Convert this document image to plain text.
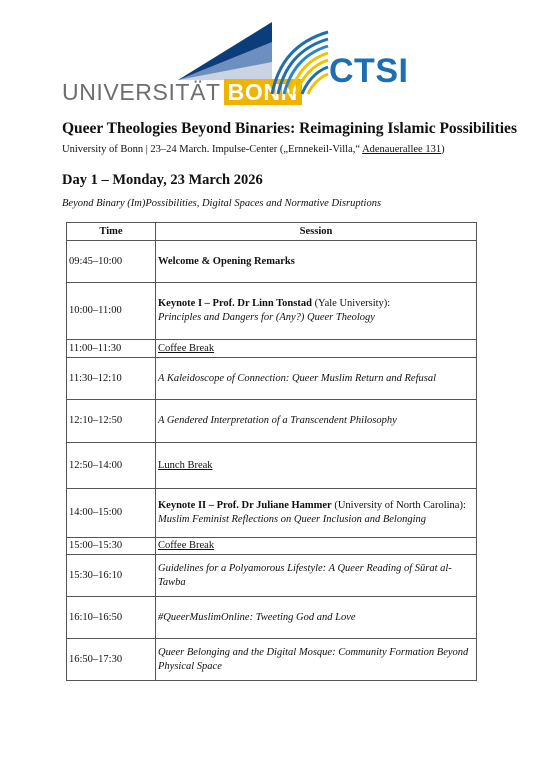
UNIVERSITÄT BONN
CTSI
Queer Theologies Beyond Binaries: Reimagining Islamic Possibilities
University of Bonn | 23–24 March. Impulse-Center („Ernnekeil-Villa,“ Adenauerallee 131)
Day 1 – Monday, 23 March 2026
Beyond Binary (Im)Possibilities, Digital Spaces and Normative Disruptions
Time	Session
09:45–10:00	Welcome & Opening Remarks
10:00–11:00	Keynote I – Prof. Dr Linn Tonstad (Yale University):
Principles and Dangers for (Any?) Queer Theology

11:00–11:30	Coffee Break
11:30–12:10	A Kaleidoscope of Connection: Queer Muslim Return and Refusal
12:10–12:50	A Gendered Interpretation of a Transcendent Philosophy
12:50–14:00	Lunch Break
14:00–15:00	Keynote II – Prof. Dr Juliane Hammer (University of North Carolina): Muslim Feminist Reflections on Queer Inclusion and Belonging
15:00–15:30	Coffee Break
15:30–16:10	Guidelines for a Polyamorous Lifestyle: A Queer Reading of Sūrat al-Tawba
16:10–16:50	#QueerMuslimOnline: Tweeting God and Love
16:50–17:30	Queer Belonging and the Digital Mosque: Community Formation Beyond Physical Space
